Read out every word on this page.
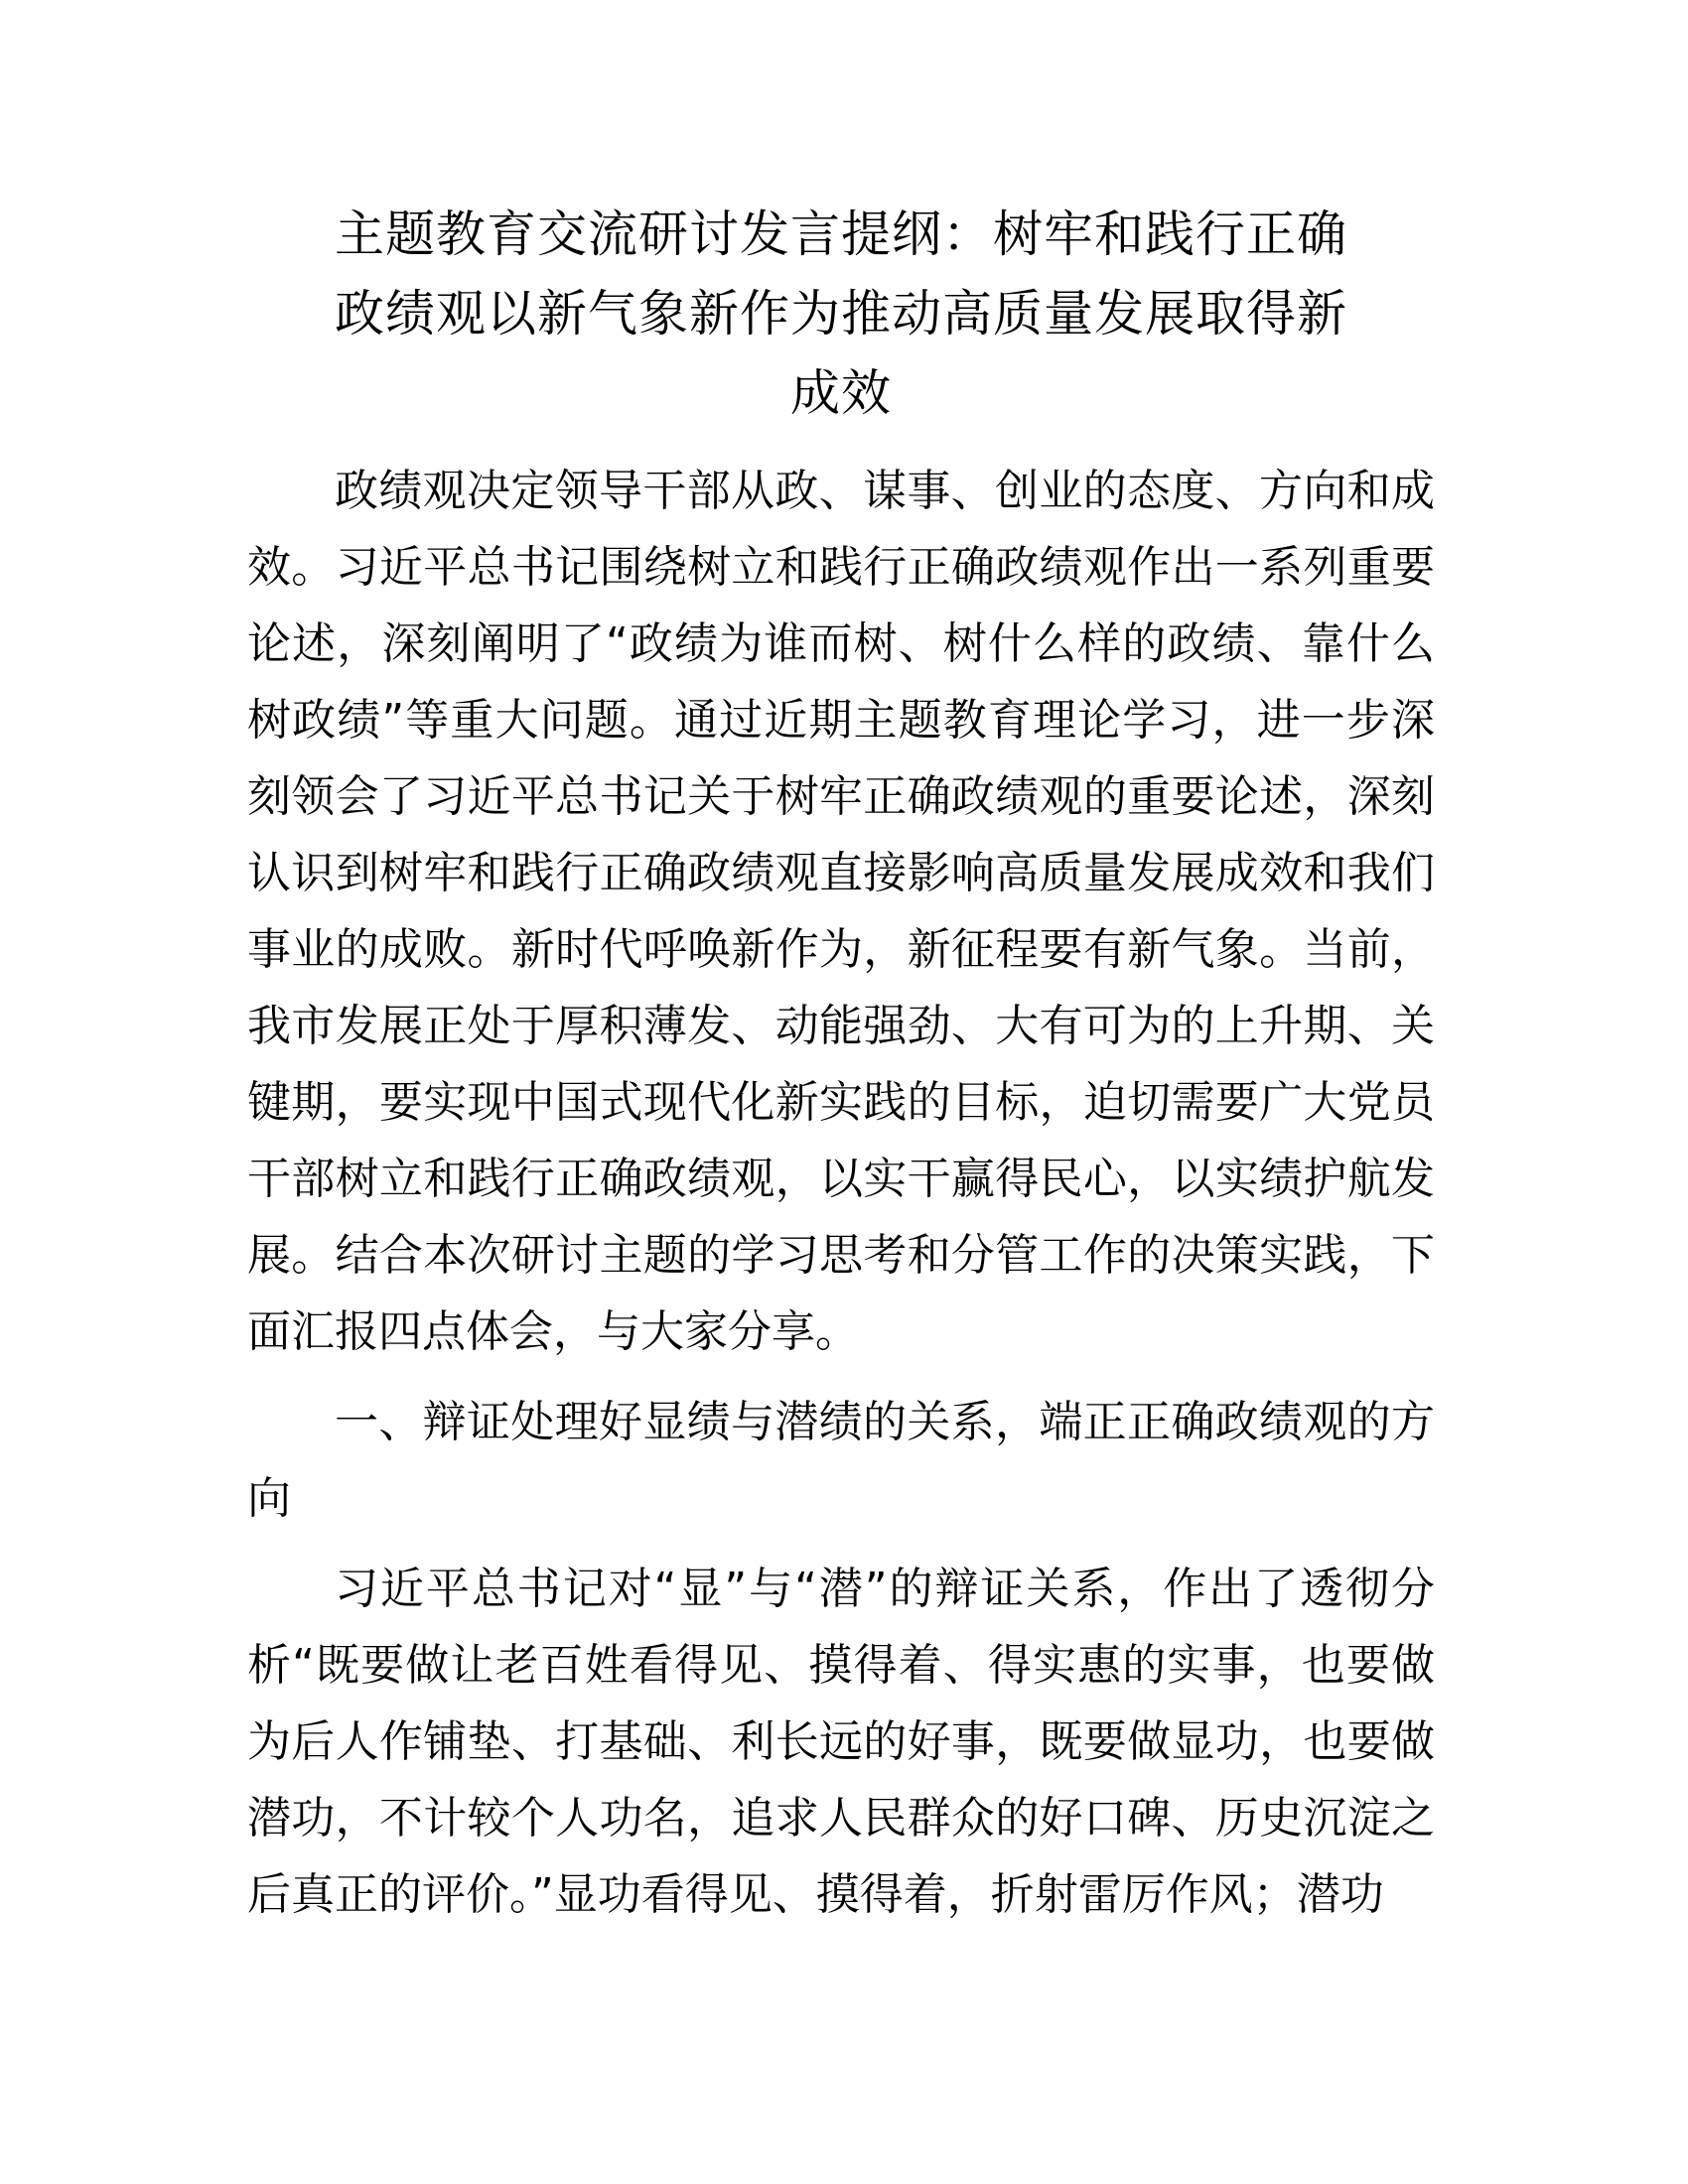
主题教育交流研讨发言提纲：树牢和践行正确
政绩观以新气象新作为推动高质量发展取得新
成效

政绩观决定领导干部从政、谋事、创业的态度、方向和成效。习近平总书记围绕树立和践行正确政绩观作出一系列重要论述，深刻阐明了“政绩为谁而树、树什么样的政绩、靠什么树政绩”等重大问题。通过近期主题教育理论学习，进一步深刻领会了习近平总书记关于树牢正确政绩观的重要论述，深刻认识到树牢和践行正确政绩观直接影响高质量发展成效和我们事业的成败。新时代呼唤新作为，新征程要有新气象。当前，我市发展正处于厚积薄发、动能强劲、大有可为的上升期、关键期，要实现中国式现代化新实践的目标，迫切需要广大党员干部树立和践行正确政绩观，以实干赢得民心，以实绩护航发展。结合本次研讨主题的学习思考和分管工作的决策实践，下面汇报四点体会，与大家分享。

一、辩证处理好显绩与潜绩的关系，端正正确政绩观的方向

习近平总书记对“显”与“潜”的辩证关系，作出了透彻分析“既要做让老百姓看得见、摸得着、得实惠的实事，也要做为后人作铺垫、打基础、利长远的好事，既要做显功，也要做潜功，不计较个人功名，追求人民群众的好口碑、历史沉淀之后真正的评价。”显功看得见、摸得着，折射雷厉作风；潜功
